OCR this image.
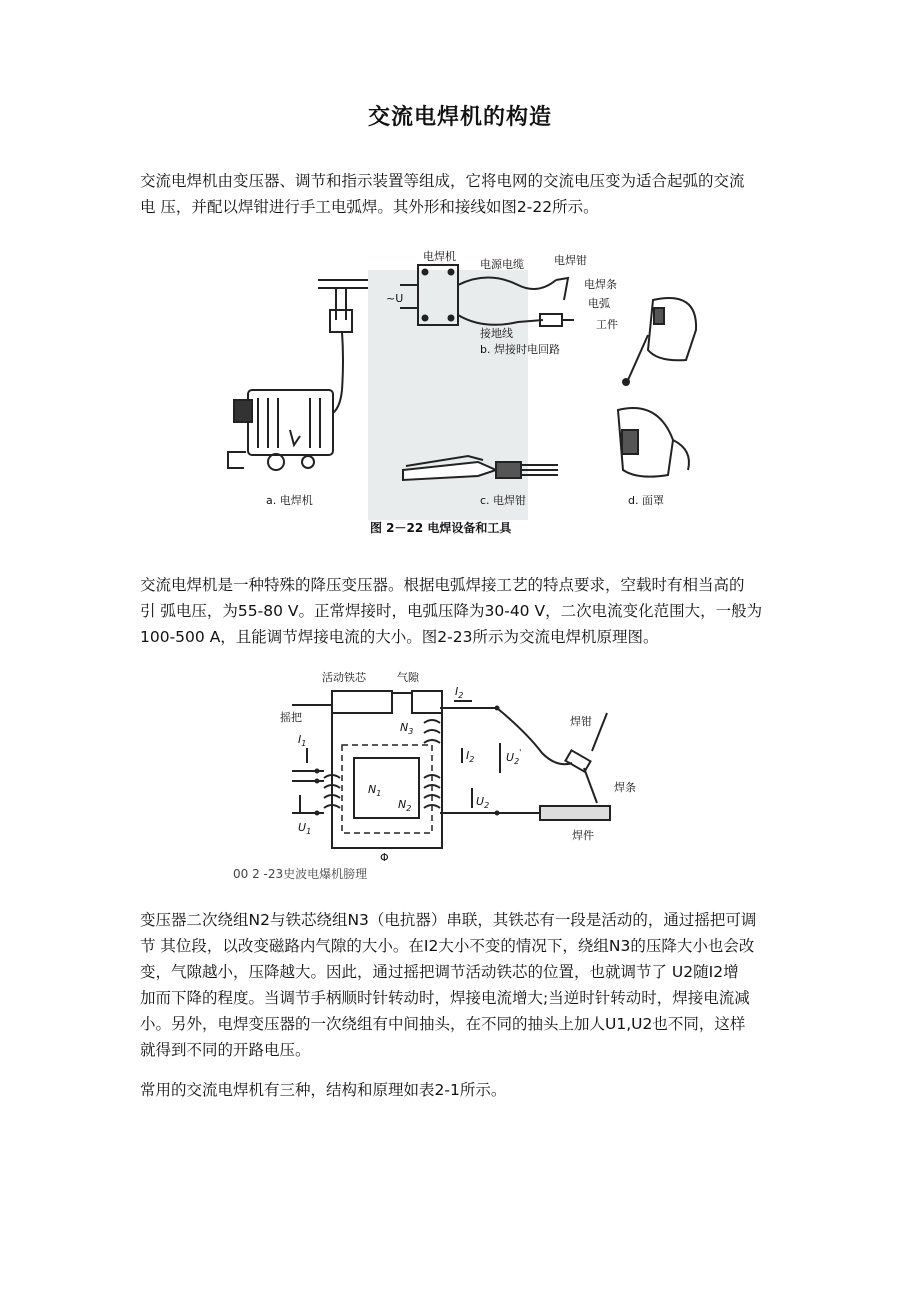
交流电焊机的构造
交流电焊机由变压器、调节和指示装置等组成，它将电网的交流电压变为适合起弧的交流
电 压，并配以焊钳进行手工电弧焊。其外形和接线如图2-22所示。
电焊机
~U
电源电缆	电焊钳
电焊条
电弧
工件
接地线
b. 焊接时电回路
a. 电焊机	c. 电焊钳	d. 面罩
图 2－22 电焊设备和工具
交流电焊机是一种特殊的降压变压器。根据电弧焊接工艺的特点要求，空载时有相当高的
引 弧电压，为55-80 V。正常焊接时，电弧压降为30-40 V，二次电流变化范围大，一般为
100-500 A，且能调节焊接电流的大小。图2-23所示为交流电焊机原理图。
活动铁芯	气隙
摇把
$I_1$
$U_1$
$N_1$
$N_2$
$N_3$
$I_2$
$I_2$
$U_2$
$U_2'$
Φ
焊钳
焊条
焊件
00 2 -23史波电爆机膀理
变压器二次绕组N2与铁芯绕组N3（电抗器）串联，其铁芯有一段是活动的，通过摇把可调
节 其位段，以改变磁路内气隙的大小。在I2大小不变的情况下，绕组N3的压降大小也会改
变，气隙越小，压降越大。因此，通过摇把调节活动铁芯的位置，也就调节了 U2随I2增
加而下降的程度。当调节手柄顺时针转动时，焊接电流增大;当逆时针转动时，焊接电流减
小。另外，电焊变压器的一次绕组有中间抽头，在不同的抽头上加人U1,U2也不同，这样
就得到不同的开路电压。
常用的交流电焊机有三种，结构和原理如表2-1所示。
